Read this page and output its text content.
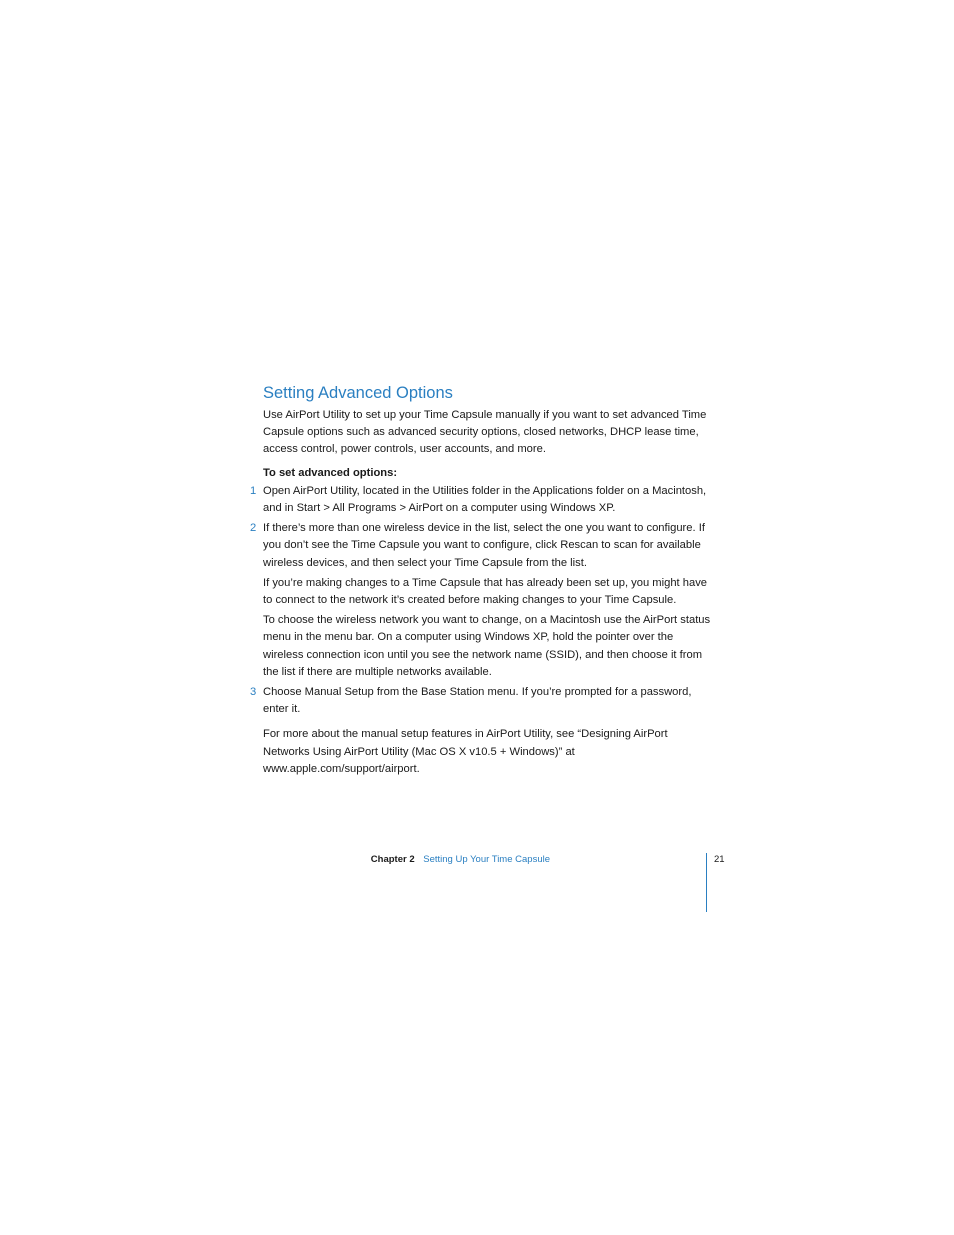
Setting Advanced Options

Use AirPort Utility to set up your Time Capsule manually if you want to set advanced Time Capsule options such as advanced security options, closed networks, DHCP lease time, access control, power controls, user accounts, and more.

To set advanced options:

1 Open AirPort Utility, located in the Utilities folder in the Applications folder on a Macintosh, and in Start > All Programs > AirPort on a computer using Windows XP.

2 If there’s more than one wireless device in the list, select the one you want to configure. If you don’t see the Time Capsule you want to configure, click Rescan to scan for available wireless devices, and then select your Time Capsule from the list.

If you’re making changes to a Time Capsule that has already been set up, you might have to connect to the network it’s created before making changes to your Time Capsule.

To choose the wireless network you want to change, on a Macintosh use the AirPort status menu in the menu bar. On a computer using Windows XP, hold the pointer over the wireless connection icon until you see the network name (SSID), and then choose it from the list if there are multiple networks available.

3 Choose Manual Setup from the Base Station menu. If you’re prompted for a password, enter it.

For more about the manual setup features in AirPort Utility, see “Designing AirPort Networks Using AirPort Utility (Mac OS X v10.5 + Windows)” at www.apple.com/support/airport.

Chapter 2 Setting Up Your Time Capsule	21
